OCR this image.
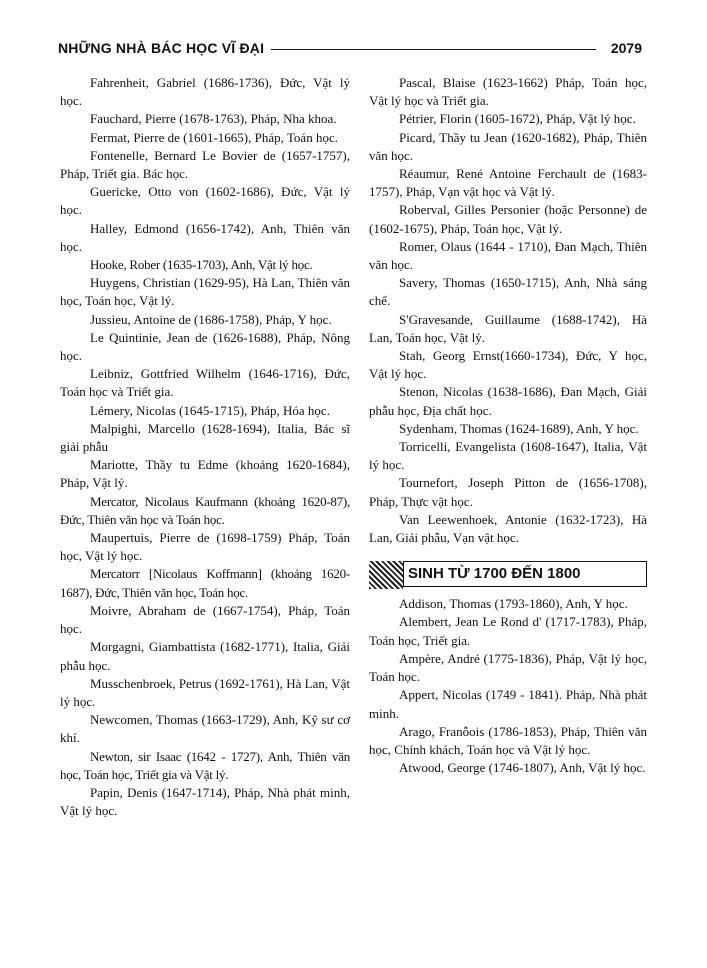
NHỮNG NHÀ BÁC HỌC VĨ ĐẠI	2079

Fahrenheit, Gabriel (1686-1736), Đức, Vật lý học.

Fauchard, Pierre (1678-1763), Pháp, Nha khoa.

Fermat, Pierre de (1601-1665), Pháp, Toán học.

Fontenelle, Bernard Le Bovier de (1657-1757), Pháp, Triết gia. Bác học.

Guericke, Otto von (1602-1686), Đức, Vật lý học.

Halley, Edmond (1656-1742), Anh, Thiên văn học.

Hooke, Rober (1635-1703), Anh, Vật lý học.

Huygens, Christian (1629-95), Hà Lan, Thiên văn học, Toán học, Vật lý.

Jussieu, Antoine de (1686-1758), Pháp, Y học.

Le Quintinie, Jean de (1626-1688), Pháp, Nông học.

Leibniz, Gottfried Wilhelm (1646-1716), Đức, Toán học và Triết gia.

Lémery, Nicolas (1645-1715), Pháp, Hóa học.

Malpighi, Marcello (1628-1694), Italia, Bác sĩ giải phẫu

Mariotte, Thầy tu Edme (khoảng 1620-1684), Pháp, Vật lý.

Mercator, Nicolaus Kaufmann (khoảng 1620-87), Đức, Thiên văn học và Toán học.

Maupertuis, Pierre de (1698-1759) Pháp, Toán học, Vật lý học.

Mercatorr [Nicolaus Koffmann] (khoảng 1620-1687), Đức, Thiên văn học, Toán học.

Moivre, Abraham de (1667-1754), Pháp, Toán học.

Morgagni, Giambattista (1682-1771), Italia, Giải phẫu học.

Musschenbroek, Petrus (1692-1761), Hà Lan, Vật lý học.

Newcomen, Thomas (1663-1729), Anh, Kỹ sư cơ khí.

Newton, sir Isaac (1642 - 1727), Anh, Thiên văn học, Toán học, Triết gia và Vật lý.

Papin, Denis (1647-1714), Pháp, Nhà phát minh, Vật lý học.

Pascal, Blaise (1623-1662) Pháp, Toán học, Vật lý học và Triết gia.

Pétrier, Florin (1605-1672), Pháp, Vật lý học.

Picard, Thầy tu Jean (1620-1682), Pháp, Thiên văn học.

Réaumur, René Antoine Ferchault de (1683-1757), Pháp, Vạn vật học và Vật lý.

Roberval, Gilles Personier (hoặc Personne) de (1602-1675), Pháp, Toán học, Vật lý.

Romer, Olaus (1644 - 1710), Đan Mạch, Thiên văn học.

Savery, Thomas (1650-1715), Anh, Nhà sáng chế.

S'Gravesande, Guillaume (1688-1742), Hà Lan, Toán học, Vật lý.

Stah, Georg Ernst(1660-1734), Đức, Y học, Vật lý học.

Stenon, Nicolas (1638-1686), Đan Mạch, Giải phẫu học, Địa chất học.

Sydenham, Thomas (1624-1689), Anh, Y học.

Torricelli, Evangelista (1608-1647), Italia, Vật lý học.

Tournefort, Joseph Pitton de (1656-1708), Pháp, Thực vật học.

Van Leewenhoek, Antonie (1632-1723), Hà Lan, Giải phẫu, Vạn vật học.

SINH TỪ 1700 ĐẾN 1800

Addison, Thomas (1793-1860), Anh, Y học.

Alembert, Jean Le Rond d' (1717-1783), Pháp, Toán học, Triết gia.

Ampère, André (1775-1836), Pháp, Vật lý học, Toán học.

Appert, Nicolas (1749 - 1841). Pháp, Nhà phát minh.

Arago, Franỗois (1786-1853), Pháp, Thiên văn học, Chính khách, Toán học và Vật lý học.

Atwood, George (1746-1807), Anh, Vật lý học.
